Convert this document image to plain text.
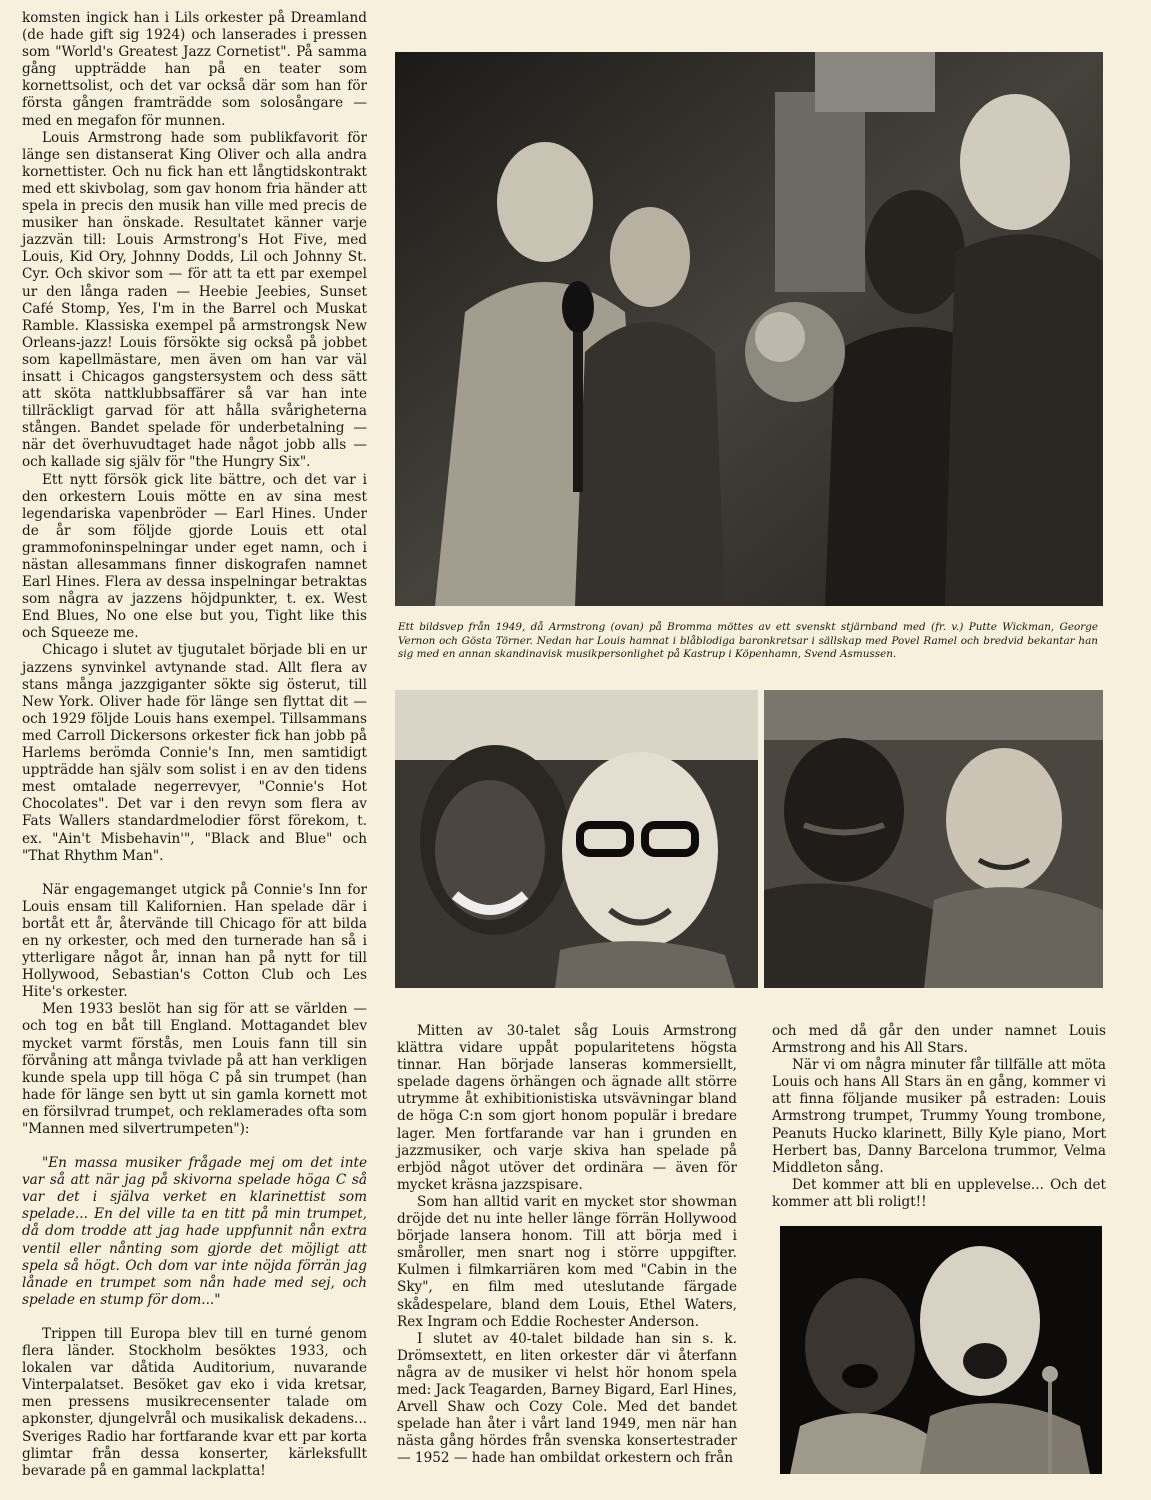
komsten ingick han i Lils orkester på Dreamland (de hade gift sig 1924) och lanserades i pressen som "World's Greatest Jazz Cornetist". På samma gång uppträdde han på en teater som kornettsolist, och det var också där som han för första gången framträdde som solosångare — med en megafon för munnen.

Louis Armstrong hade som publikfavorit för länge sen distanserat King Oliver och alla andra kornettister. Och nu fick han ett långtidskontrakt med ett skivbolag, som gav honom fria händer att spela in precis den musik han ville med precis de musiker han önskade. Resultatet känner varje jazzvän till: Louis Armstrong's Hot Five, med Louis, Kid Ory, Johnny Dodds, Lil och Johnny St. Cyr. Och skivor som — för att ta ett par exempel ur den långa raden — Heebie Jeebies, Sunset Café Stomp, Yes, I'm in the Barrel och Muskat Ramble. Klassiska exempel på armstrongsk New Orleans-jazz! Louis försökte sig också på jobbet som kapellmästare, men även om han var väl insatt i Chicagos gangstersystem och dess sätt att sköta nattklubbsaffärer så var han inte tillräckligt garvad för att hålla svårigheterna stången. Bandet spelade för underbetalning — när det överhuvudtaget hade något jobb alls — och kallade sig själv för "the Hungry Six".

Ett nytt försök gick lite bättre, och det var i den orkestern Louis mötte en av sina mest legendariska vapenbröder — Earl Hines. Under de år som följde gjorde Louis ett otal grammofoninspelningar under eget namn, och i nästan allesammans finner diskografen namnet Earl Hines. Flera av dessa inspelningar betraktas som några av jazzens höjdpunkter, t. ex. West End Blues, No one else but you, Tight like this och Squeeze me.

Chicago i slutet av tjugutalet började bli en ur jazzens synvinkel avtynande stad. Allt flera av stans många jazzgiganter sökte sig österut, till New York. Oliver hade för länge sen flyttat dit — och 1929 följde Louis hans exempel. Tillsammans med Carroll Dickersons orkester fick han jobb på Harlems berömda Connie's Inn, men samtidigt uppträdde han själv som solist i en av den tidens mest omtalade negerrevyer, "Connie's Hot Chocolates". Det var i den revyn som flera av Fats Wallers standardmelodier först förekom, t. ex. "Ain't Misbehavin'", "Black and Blue" och "That Rhythm Man".

När engagemanget utgick på Connie's Inn for Louis ensam till Kalifornien. Han spelade där i bortåt ett år, återvände till Chicago för att bilda en ny orkester, och med den turnerade han så i ytterligare något år, innan han på nytt for till Hollywood, Sebastian's Cotton Club och Les Hite's orkester.

Men 1933 beslöt han sig för att se världen — och tog en båt till England. Mottagandet blev mycket varmt förstås, men Louis fann till sin förvåning att många tvivlade på att han verkligen kunde spela upp till höga C på sin trumpet (han hade för länge sen bytt ut sin gamla kornett mot en försilvrad trumpet, och reklamerades ofta som "Mannen med silvertrumpeten"):

"En massa musiker frågade mej om det inte var så att när jag på skivorna spelade höga C så var det i själva verket en klarinettist som spelade... En del ville ta en titt på min trumpet, då dom trodde att jag hade uppfunnit nån extra ventil eller nånting som gjorde det möjligt att spela så högt. Och dom var inte nöjda förrän jag lånade en trumpet som nån hade med sej, och spelade en stump för dom..."

Trippen till Europa blev till en turné genom flera länder. Stockholm besöktes 1933, och lokalen var dåtida Auditorium, nuvarande Vinterpalatset. Besöket gav eko i vida kretsar, men pressens musikrecensenter talade om apkonster, djungelvrål och musikalisk dekadens... Sveriges Radio har fortfarande kvar ett par korta glimtar från dessa konserter, kärleksfullt bevarade på en gammal lackplatta!

Ett bildsvep från 1949, då Armstrong (ovan) på Bromma möttes av ett svenskt stjärnband med (fr. v.) Putte Wickman, George Vernon och Gösta Törner. Nedan har Louis hamnat i blåblodiga baronkretsar i sällskap med Povel Ramel och bredvid bekantar han sig med en annan skandinavisk musikpersonlighet på Kastrup i Köpenhamn, Svend Asmussen.

Mitten av 30-talet såg Louis Armstrong klättra vidare uppåt popularitetens högsta tinnar. Han började lanseras kommersiellt, spelade dagens örhängen och ägnade allt större utrymme åt exhibitionistiska utsvävningar bland de höga C:n som gjort honom populär i bredare lager. Men fortfarande var han i grunden en jazzmusiker, och varje skiva han spelade på erbjöd något utöver det ordinära — även för mycket kräsna jazzspisare.

Som han alltid varit en mycket stor showman dröjde det nu inte heller länge förrän Hollywood började lansera honom. Till att börja med i småroller, men snart nog i större uppgifter. Kulmen i filmkarriären kom med "Cabin in the Sky", en film med uteslutande färgade skådespelare, bland dem Louis, Ethel Waters, Rex Ingram och Eddie Rochester Anderson.

I slutet av 40-talet bildade han sin s. k. Drömsextett, en liten orkester där vi återfann några av de musiker vi helst hör honom spela med: Jack Teagarden, Barney Bigard, Earl Hines, Arvell Shaw och Cozy Cole. Med det bandet spelade han åter i vårt land 1949, men när han nästa gång hördes från svenska konsertestrader — 1952 — hade han ombildat orkestern och från

och med då går den under namnet Louis Armstrong and his All Stars.

När vi om några minuter får tillfälle att möta Louis och hans All Stars än en gång, kommer vi att finna följande musiker på estraden: Louis Armstrong trumpet, Trummy Young trombone, Peanuts Hucko klarinett, Billy Kyle piano, Mort Herbert bas, Danny Barcelona trummor, Velma Middleton sång.

Det kommer att bli en upplevelse... Och det kommer att bli roligt!!
